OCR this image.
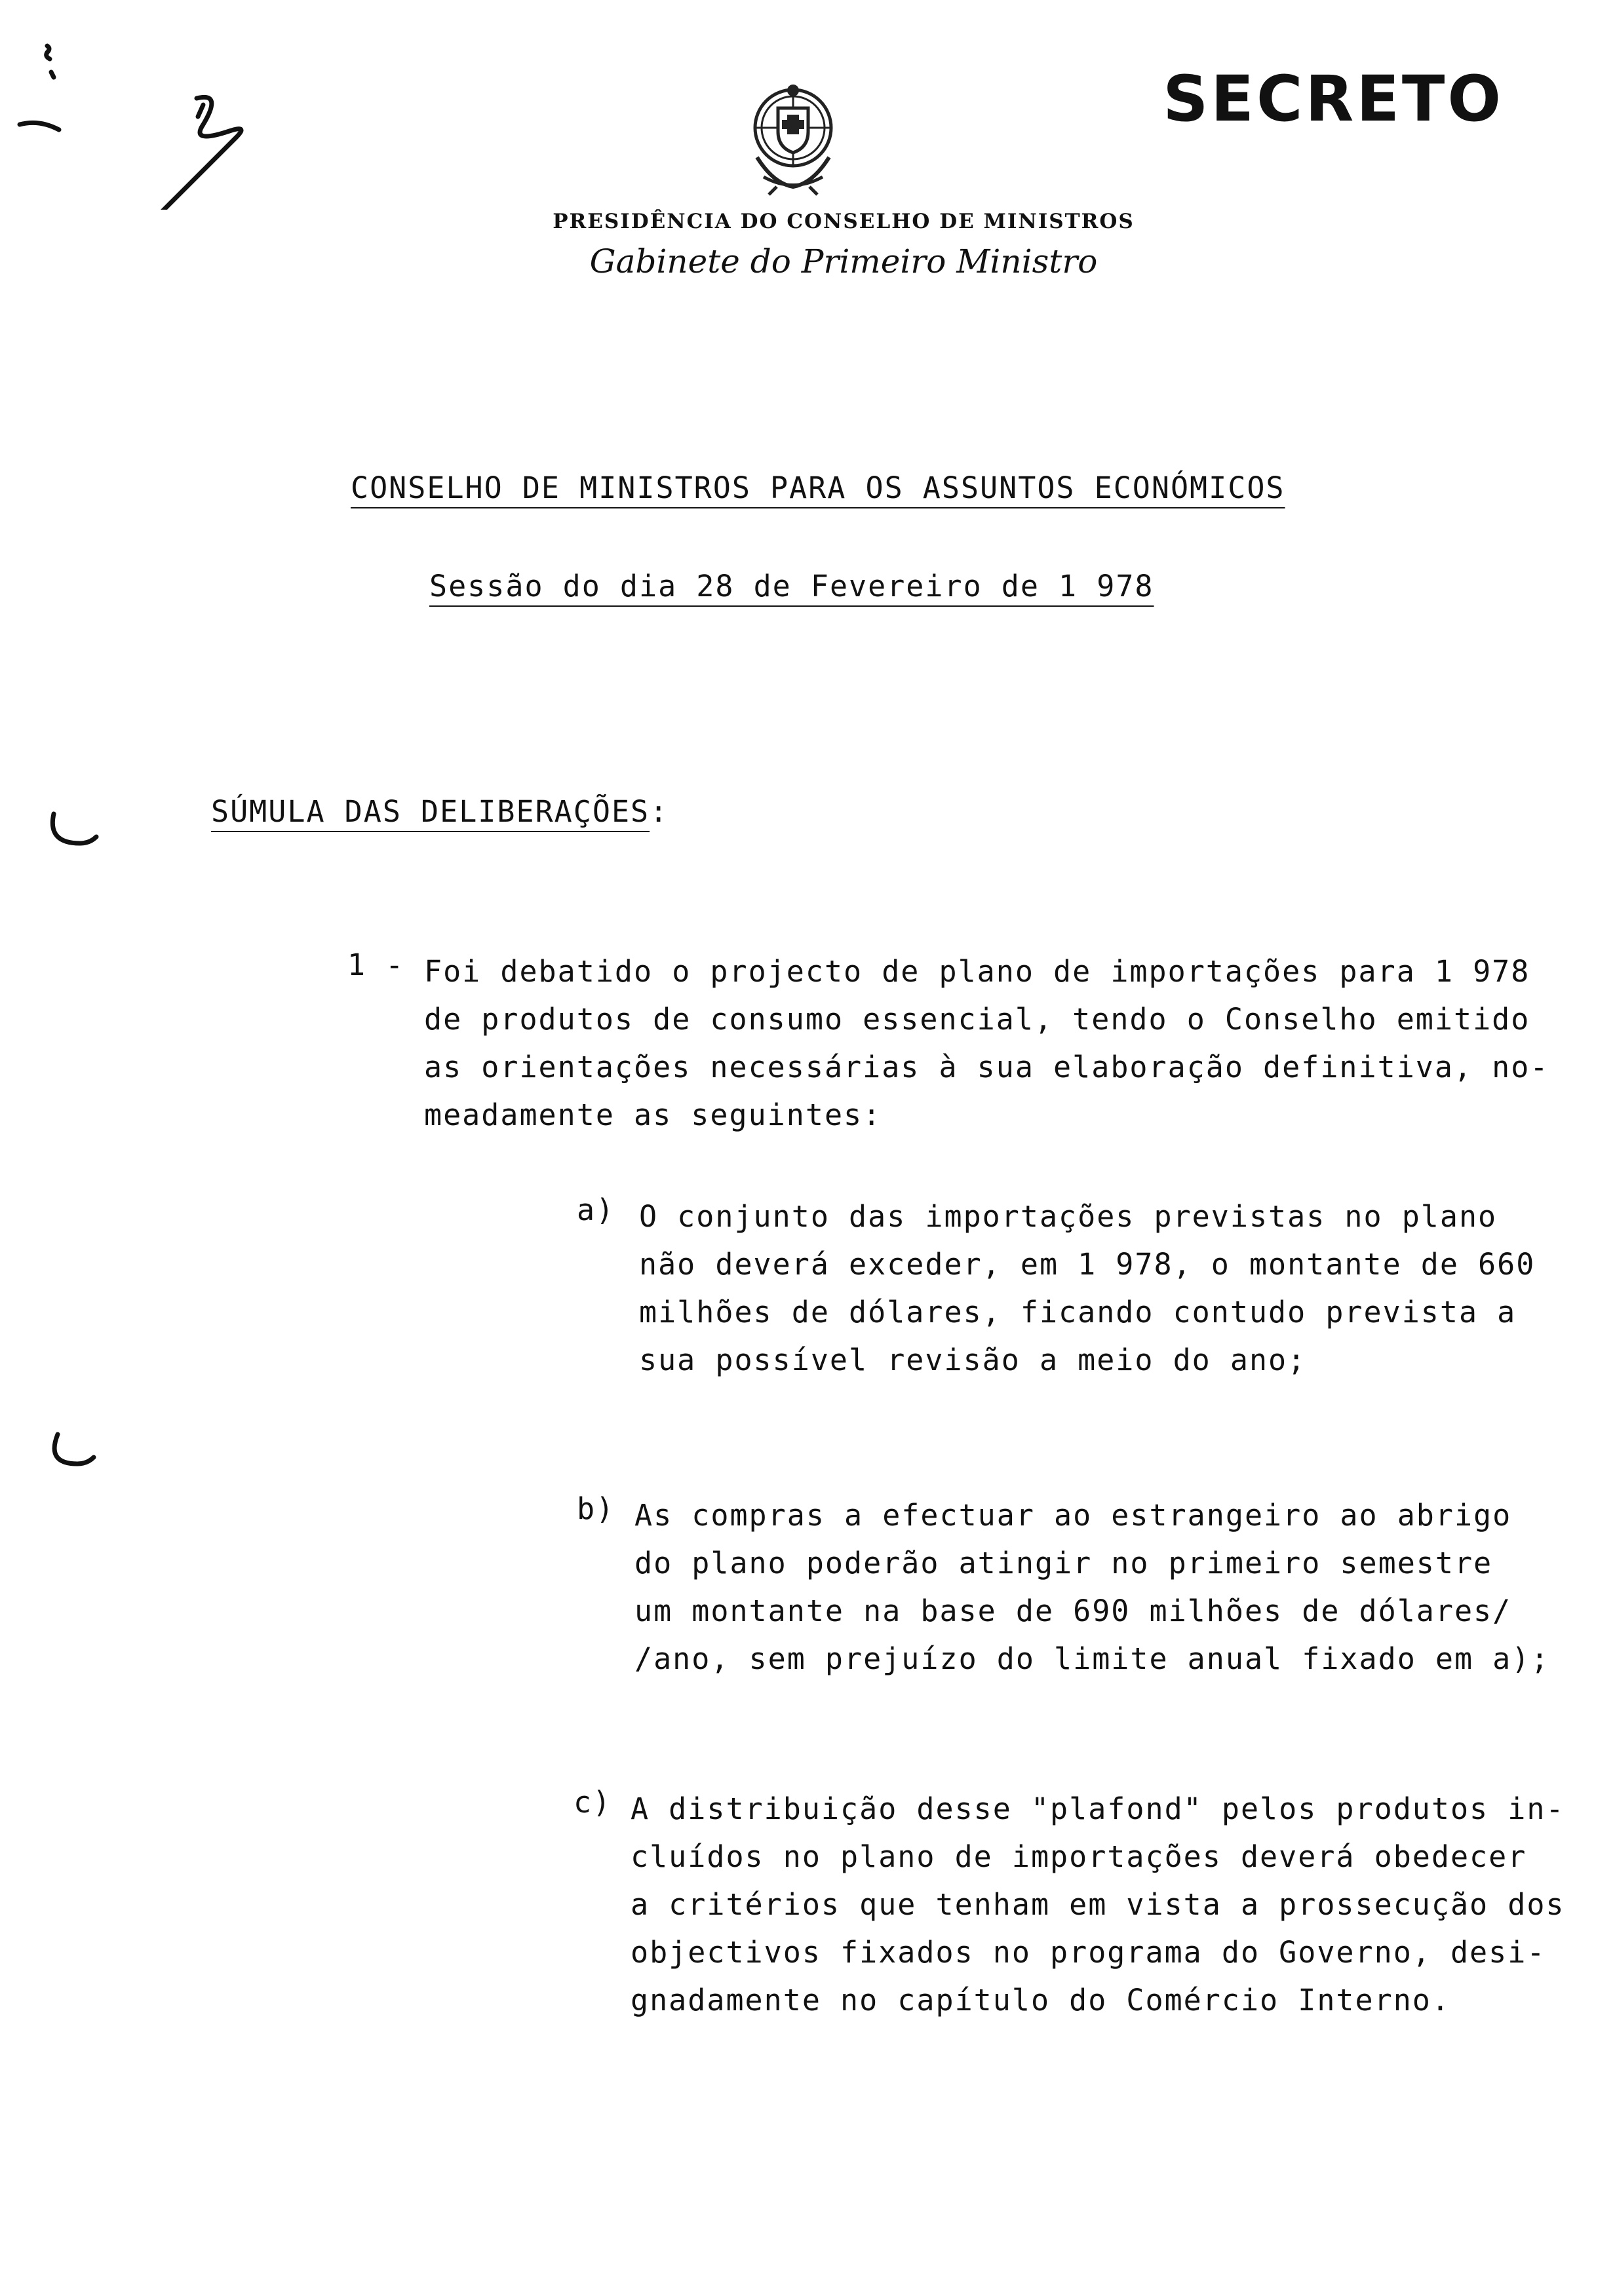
SECRETO
PRESIDÊNCIA DO CONSELHO DE MINISTROS
Gabinete do Primeiro Ministro
CONSELHO DE MINISTROS PARA OS ASSUNTOS ECONÓMICOS
Sessão do dia 28 de Fevereiro de 1 978
SÚMULA DAS DELIBERAÇÕES:
1 - Foi debatido o projecto de plano de importações para 1 978
de produtos de consumo essencial, tendo o Conselho emitido
as orientações necessárias à sua elaboração definitiva, no-
meadamente as seguintes:
a) O conjunto das importações previstas no plano
não deverá exceder, em 1 978, o montante de 660
milhões de dólares, ficando contudo prevista a
sua possível revisão a meio do ano;
b) As compras a efectuar ao estrangeiro ao abrigo
do plano poderão atingir no primeiro semestre
um montante na base de 690 milhões de dólares/
/ano, sem prejuízo do limite anual fixado em a);
c) A distribuição desse "plafond" pelos produtos in-
cluídos no plano de importações deverá obedecer
a critérios que tenham em vista a prossecução dos
objectivos fixados no programa do Governo, desi-
gnadamente no capítulo do Comércio Interno.
